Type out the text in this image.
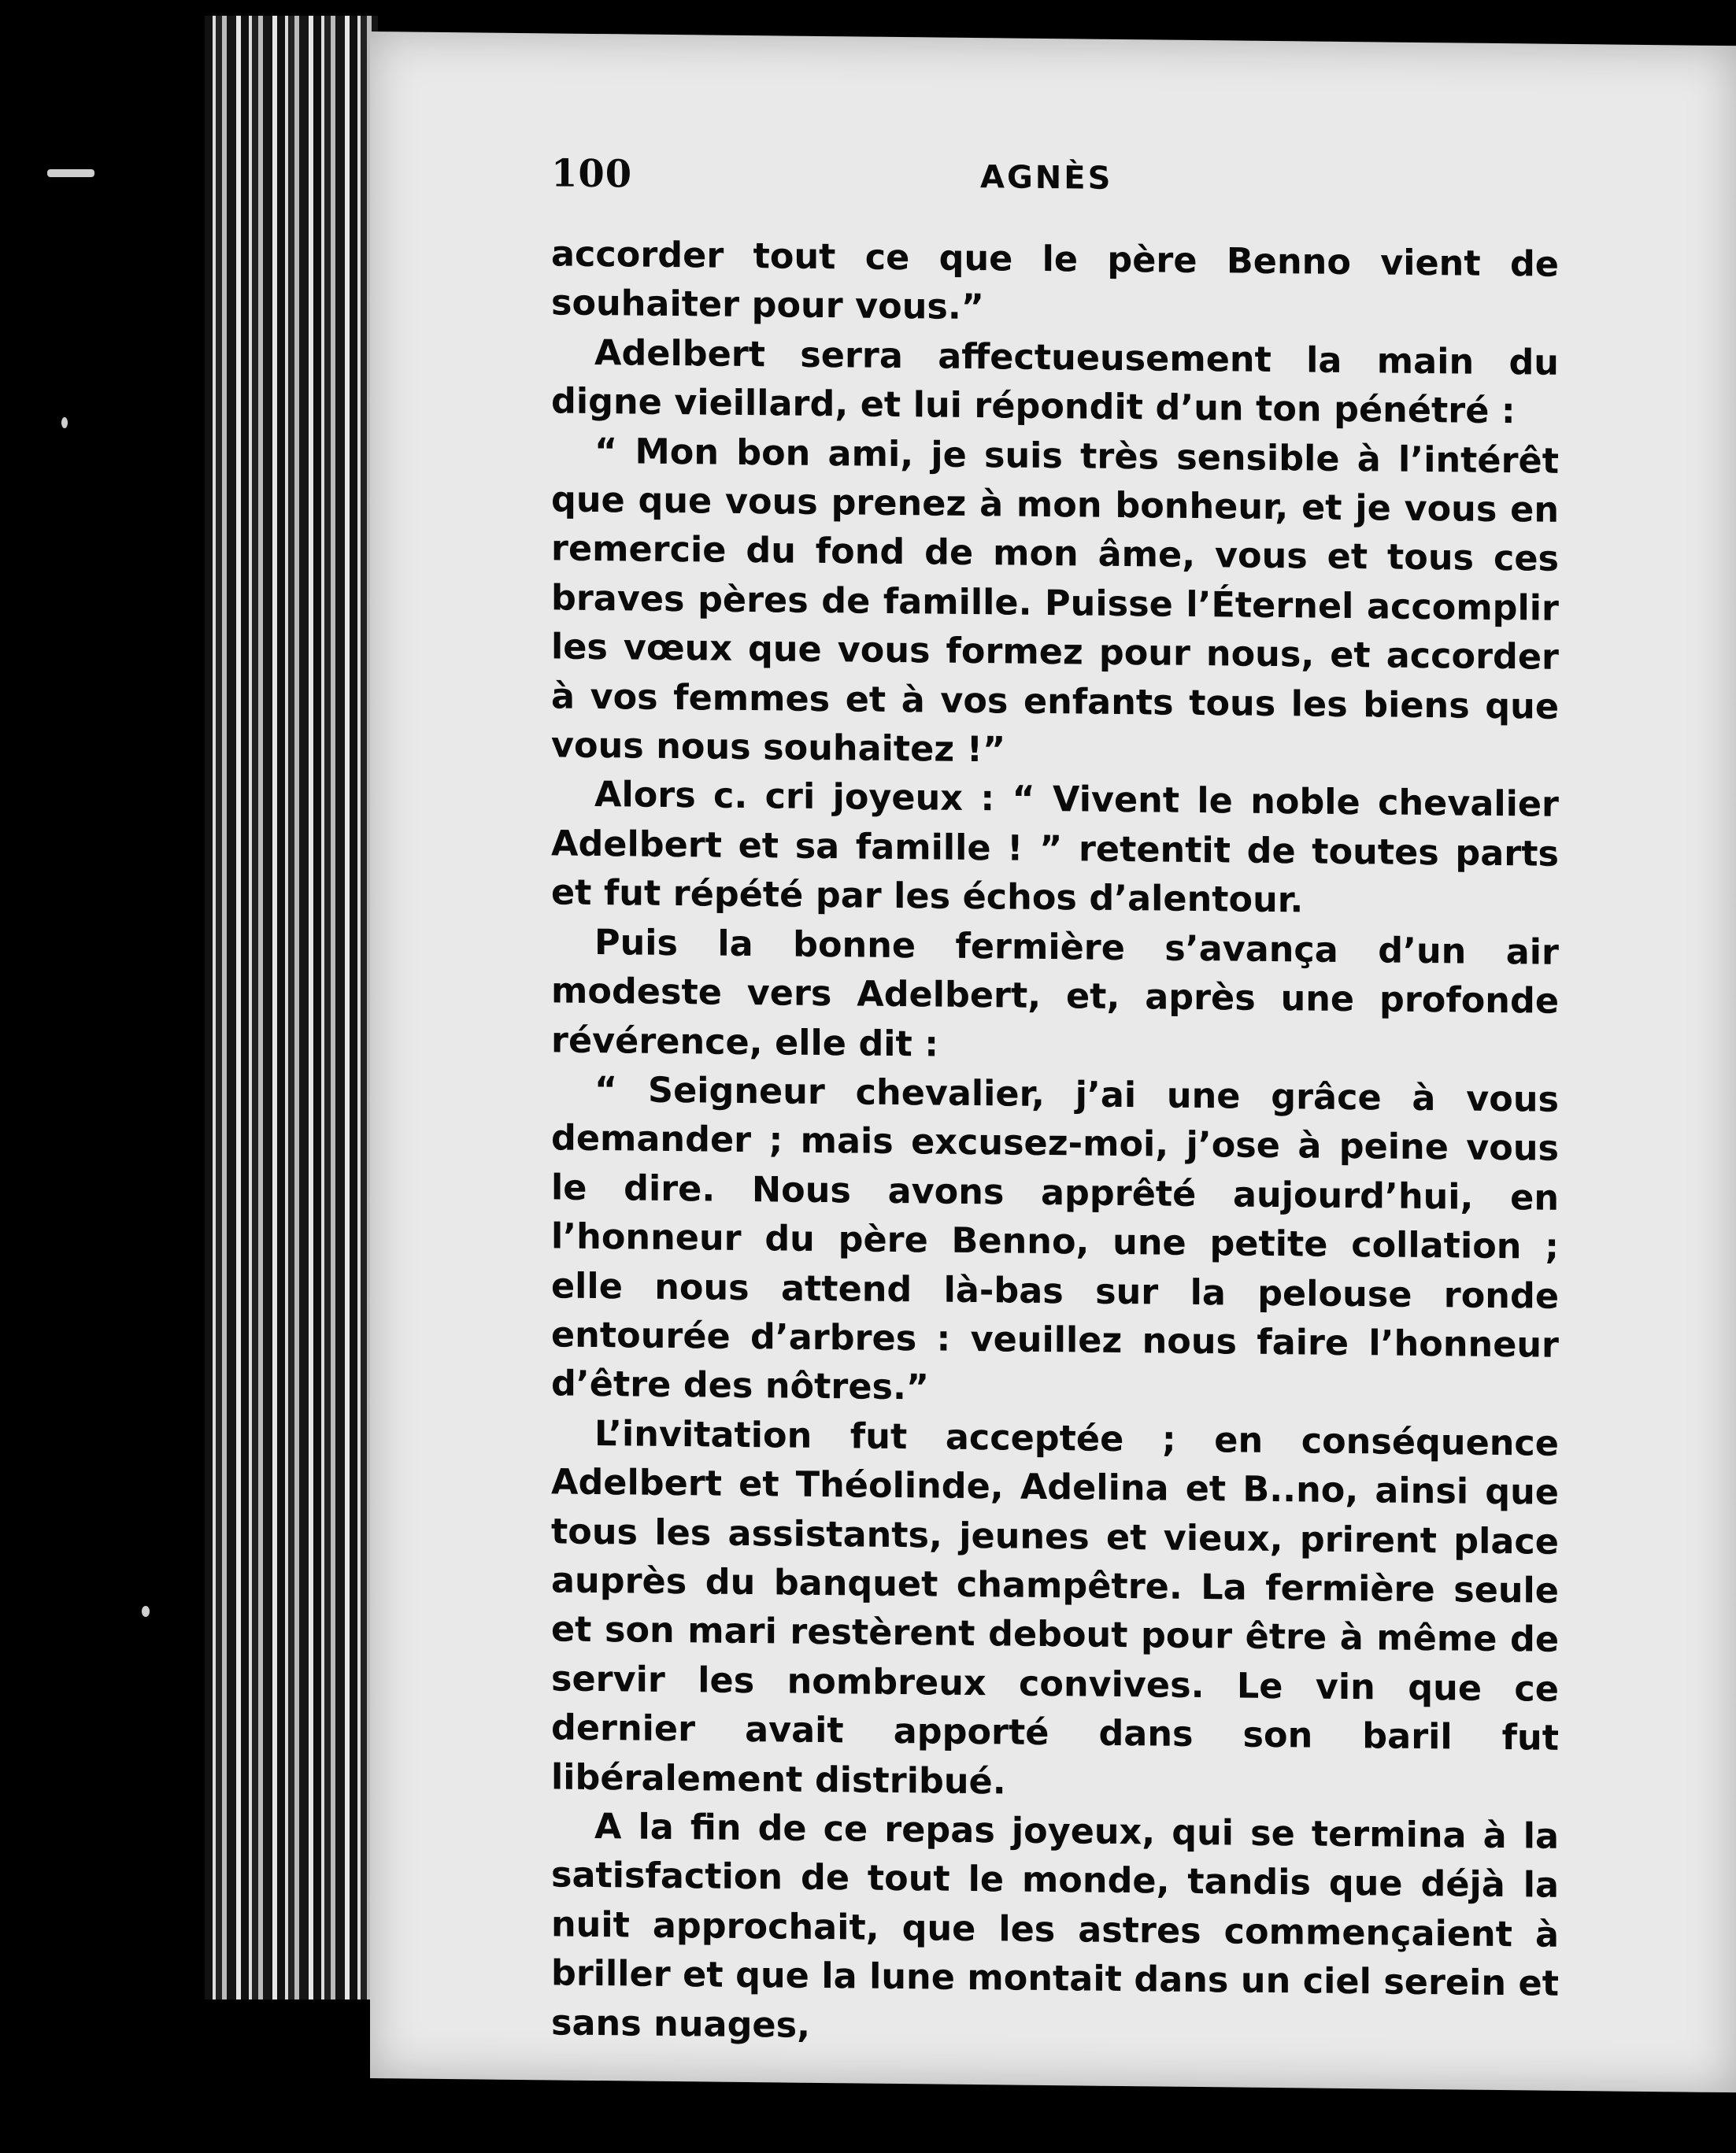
100	AGNÈS

accorder tout ce que le père Benno vient de souhaiter pour vous.”

Adelbert serra affectueusement la main du digne vieillard, et lui répondit d’un ton pénétré :

“ Mon bon ami, je suis très sensible à l’intérêt que que vous prenez à mon bonheur, et je vous en remercie du fond de mon âme, vous et tous ces braves pères de famille. Puisse l’Éternel accomplir les vœux que vous formez pour nous, et accorder à vos femmes et à vos enfants tous les biens que vous nous souhaitez !”

Alors c. cri joyeux : “ Vivent le noble chevalier Adelbert et sa famille ! ” retentit de toutes parts et fut répété par les échos d’alentour.

Puis la bonne fermière s’avança d’un air modeste vers Adelbert, et, après une profonde révérence, elle dit :

“ Seigneur chevalier, j’ai une grâce à vous demander ; mais excusez-moi, j’ose à peine vous le dire. Nous avons apprêté aujourd’hui, en l’honneur du père Benno, une petite collation ; elle nous attend là-bas sur la pelouse ronde entourée d’arbres : veuillez nous faire l’honneur d’être des nôtres.”

L’invitation fut acceptée ; en conséquence Adelbert et Théolinde, Adelina et B..no, ainsi que tous les assistants, jeunes et vieux, prirent place auprès du banquet champêtre. La fermière seule et son mari restèrent debout pour être à même de servir les nombreux convives. Le vin que ce dernier avait apporté dans son baril fut libéralement distribué.

A la fin de ce repas joyeux, qui se termina à la satisfaction de tout le monde, tandis que déjà la nuit approchait, que les astres commençaient à briller et que la lune montait dans un ciel serein et sans nuages,
